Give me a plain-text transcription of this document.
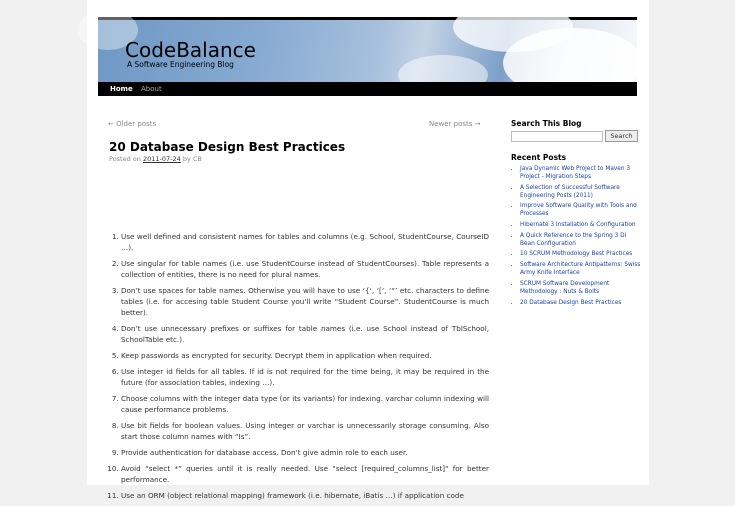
CodeBalance
A Software Engineering Blog
Home	About
← Older posts	Newer posts →
20 Database Design Best Practices
Posted on 2011-07-24 by CB
1. Use well defined and consistent names for tables and columns (e.g. School, StudentCourse, CourseID …).
2. Use singular for table names (i.e. use StudentCourse instead of StudentCourses). Table represents a collection of entities, there is no need for plural names.
3. Don’t use spaces for table names. Otherwise you will have to use ‘{‘, ‘[‘, ‘“’ etc. characters to define tables (i.e. for accesing table Student Course you'll write “Student Course”. StudentCourse is much better).
4. Don’t use unnecessary prefixes or suffixes for table names (i.e. use School instead of TblSchool, SchoolTable etc.).
5. Keep passwords as encrypted for security. Decrypt them in application when required.
6. Use integer id fields for all tables. If id is not required for the time being, it may be required in the future (for association tables, indexing …).
7. Choose columns with the integer data type (or its variants) for indexing. varchar column indexing will cause performance problems.
8. Use bit fields for boolean values. Using integer or varchar is unnecessarily storage consuming. Also start those column names with “Is”.
9. Provide authentication for database access. Don’t give admin role to each user.
10. Avoid “select *” queries until it is really needed. Use "select [required_columns_list]" for better performance.
11. Use an ORM (object relational mapping) framework (i.e. hibernate, iBatis …) if application code
Search This Blog
Search
Recent Posts
• Java Dynamic Web Project to Maven 3 Project - Migration Steps
• A Selection of Successful Software Engineering Posts (2011)
• Improve Software Quality with Tools and Processes
• Hibernate 3 Installation & Configuration
• A Quick Reference to the Spring 3 DI Bean Configuration
• 10 SCRUM Methodology Best Practices
• Software Architecture Antipatterns: Swiss Army Knife Interface
• SCRUM Software Development Methodology : Nuts & Bolts
• 20 Database Design Best Practices
